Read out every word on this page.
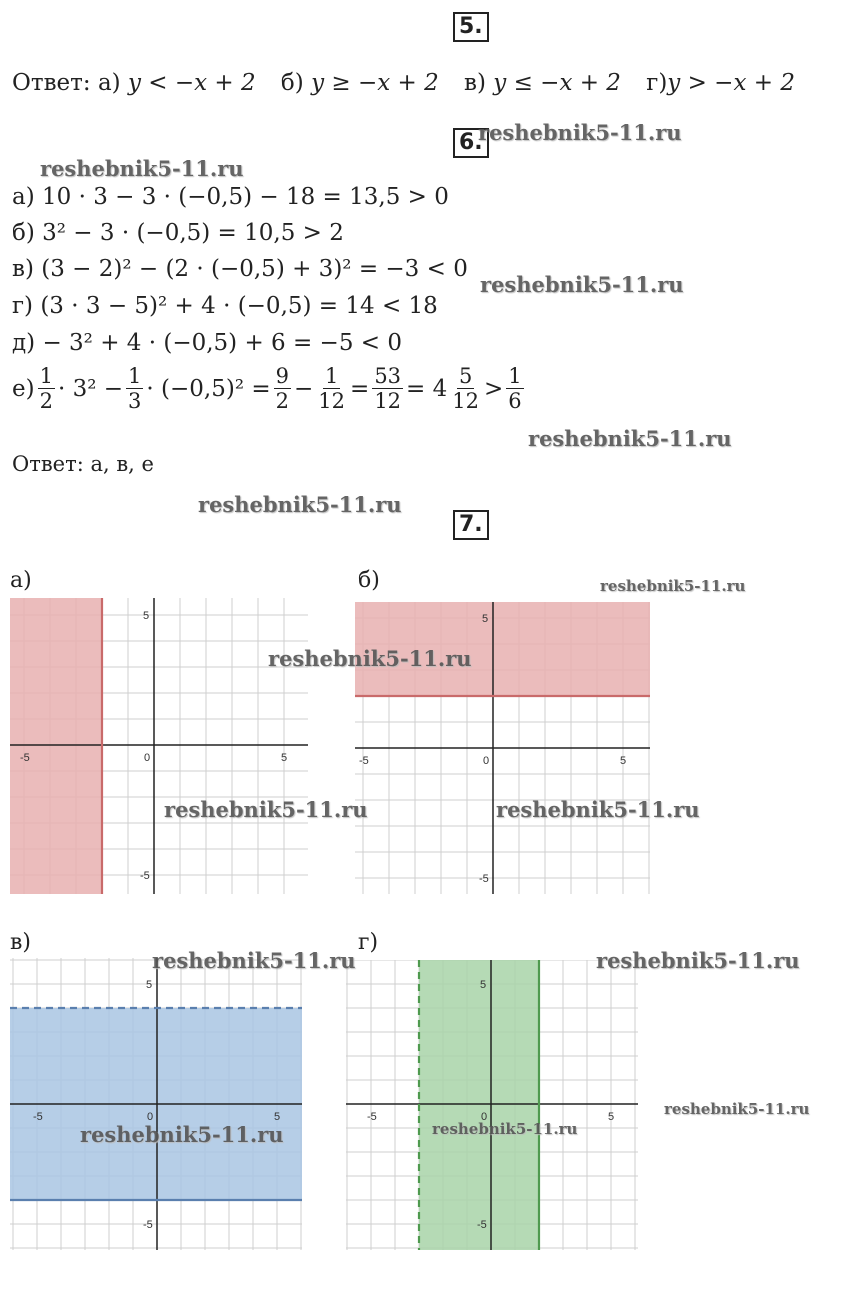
5.
Ответ: а) y < −x + 2 б) y ≥ −x + 2 в) y ≤ −x + 2 г)y > −x + 2
6.
а) 10 · 3 − 3 · (−0,5) − 18 = 13,5 > 0
б) 3² − 3 · (−0,5) = 10,5 > 2
в) (3 − 2)² − (2 · (−0,5) + 3)² = −3 < 0
г) (3 · 3 − 5)² + 4 · (−0,5) = 14 < 18
д) − 3² + 4 · (−0,5) + 6 = −5 < 0
$е) \frac{1}{2} \cdot 3^2 - \frac{1}{3} \cdot (-0,5)^2 = \frac{9}{2} - \frac{1}{12} = \frac{53}{12} = 4 \frac{5}{12} > \frac{1}{6}$
Ответ: а, в, е
7.
а)	б)
в)	г)
-5	0	5
5
-5
-5	0	5
5
-5
-5	0	5
5
-5
-5	0	5
5
-5
reshebnik5-11.ru
reshebnik5-11.ru
reshebnik5-11.ru
reshebnik5-11.ru
reshebnik5-11.ru
reshebnik5-11.ru
reshebnik5-11.ru
reshebnik5-11.ru	reshebnik5-11.ru
reshebnik5-11.ru	reshebnik5-11.ru
reshebnik5-11.ru
reshebnik5-11.ru
reshebnik5-11.ru
